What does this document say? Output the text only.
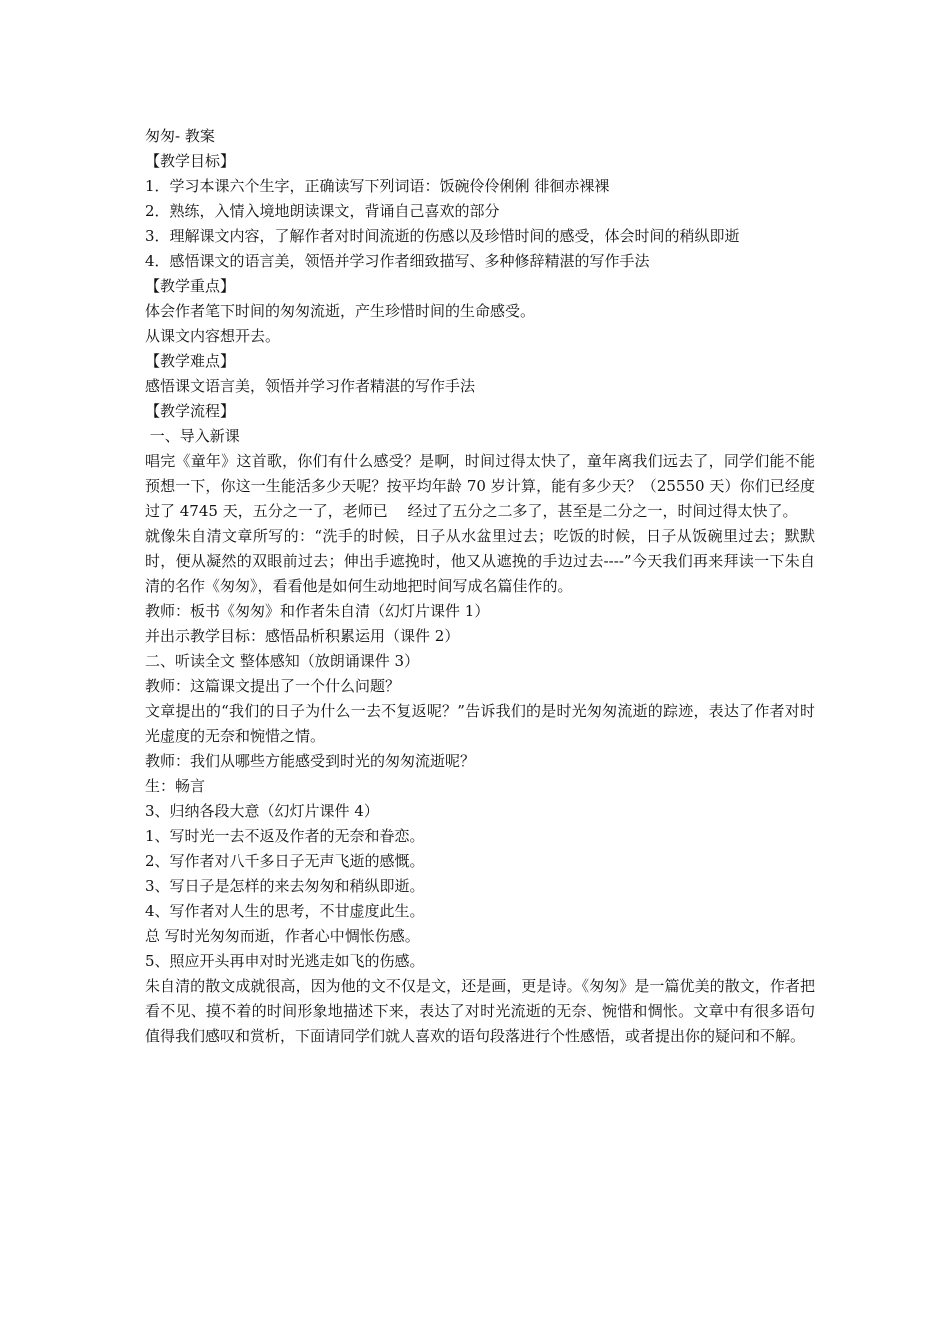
匆匆- 教案

【教学目标】

1．学习本课六个生字，正确读写下列词语：饭碗伶伶俐俐 徘徊赤裸裸

2．熟练，入情入境地朗读课文，背诵自己喜欢的部分

3．理解课文内容，了解作者对时间流逝的伤感以及珍惜时间的感受，体会时间的稍纵即逝

4．感悟课文的语言美，领悟并学习作者细致描写、多种修辞精湛的写作手法

【教学重点】

体会作者笔下时间的匆匆流逝，产生珍惜时间的生命感受。

从课文内容想开去。

【教学难点】

感悟课文语言美，领悟并学习作者精湛的写作手法

【教学流程】

一、导入新课

唱完《童年》这首歌，你们有什么感受？是啊，时间过得太快了，童年离我们远去了，同学们能不能预想一下，你这一生能活多少天呢？按平均年龄 70 岁计算，能有多少天？（25550 天）你们已经度过了 4745 天，五分之一了，老师已　 经过了五分之二多了，甚至是二分之一，时间过得太快了。

就像朱自清文章所写的：“洗手的时候，日子从水盆里过去；吃饭的时候，日子从饭碗里过去；默默时，便从凝然的双眼前过去；伸出手遮挽时，他又从遮挽的手边过去----”今天我们再来拜读一下朱自清的名作《匆匆》，看看他是如何生动地把时间写成名篇佳作的。

教师：板书《匆匆》和作者朱自清（幻灯片课件 1）

并出示教学目标：感悟品析积累运用（课件 2）

二、听读全文 整体感知（放朗诵课件 3）

教师：这篇课文提出了一个什么问题？

文章提出的“我们的日子为什么一去不复返呢？”告诉我们的是时光匆匆流逝的踪迹，表达了作者对时光虚度的无奈和惋惜之情。

教师：我们从哪些方能感受到时光的匆匆流逝呢？

生：畅言

3、归纳各段大意（幻灯片课件 4）

1、写时光一去不返及作者的无奈和眷恋。

2、写作者对八千多日子无声飞逝的感慨。

3、写日子是怎样的来去匆匆和稍纵即逝。

4、写作者对人生的思考，不甘虚度此生。

总 写时光匆匆而逝，作者心中惆怅伤感。

5、照应开头再申对时光逃走如飞的伤感。

朱自清的散文成就很高，因为他的文不仅是文，还是画，更是诗。《匆匆》是一篇优美的散文，作者把看不见、摸不着的时间形象地描述下来，表达了对时光流逝的无奈、惋惜和惆怅。文章中有很多语句值得我们感叹和赏析，下面请同学们就人喜欢的语句段落进行个性感悟，或者提出你的疑问和不解。
